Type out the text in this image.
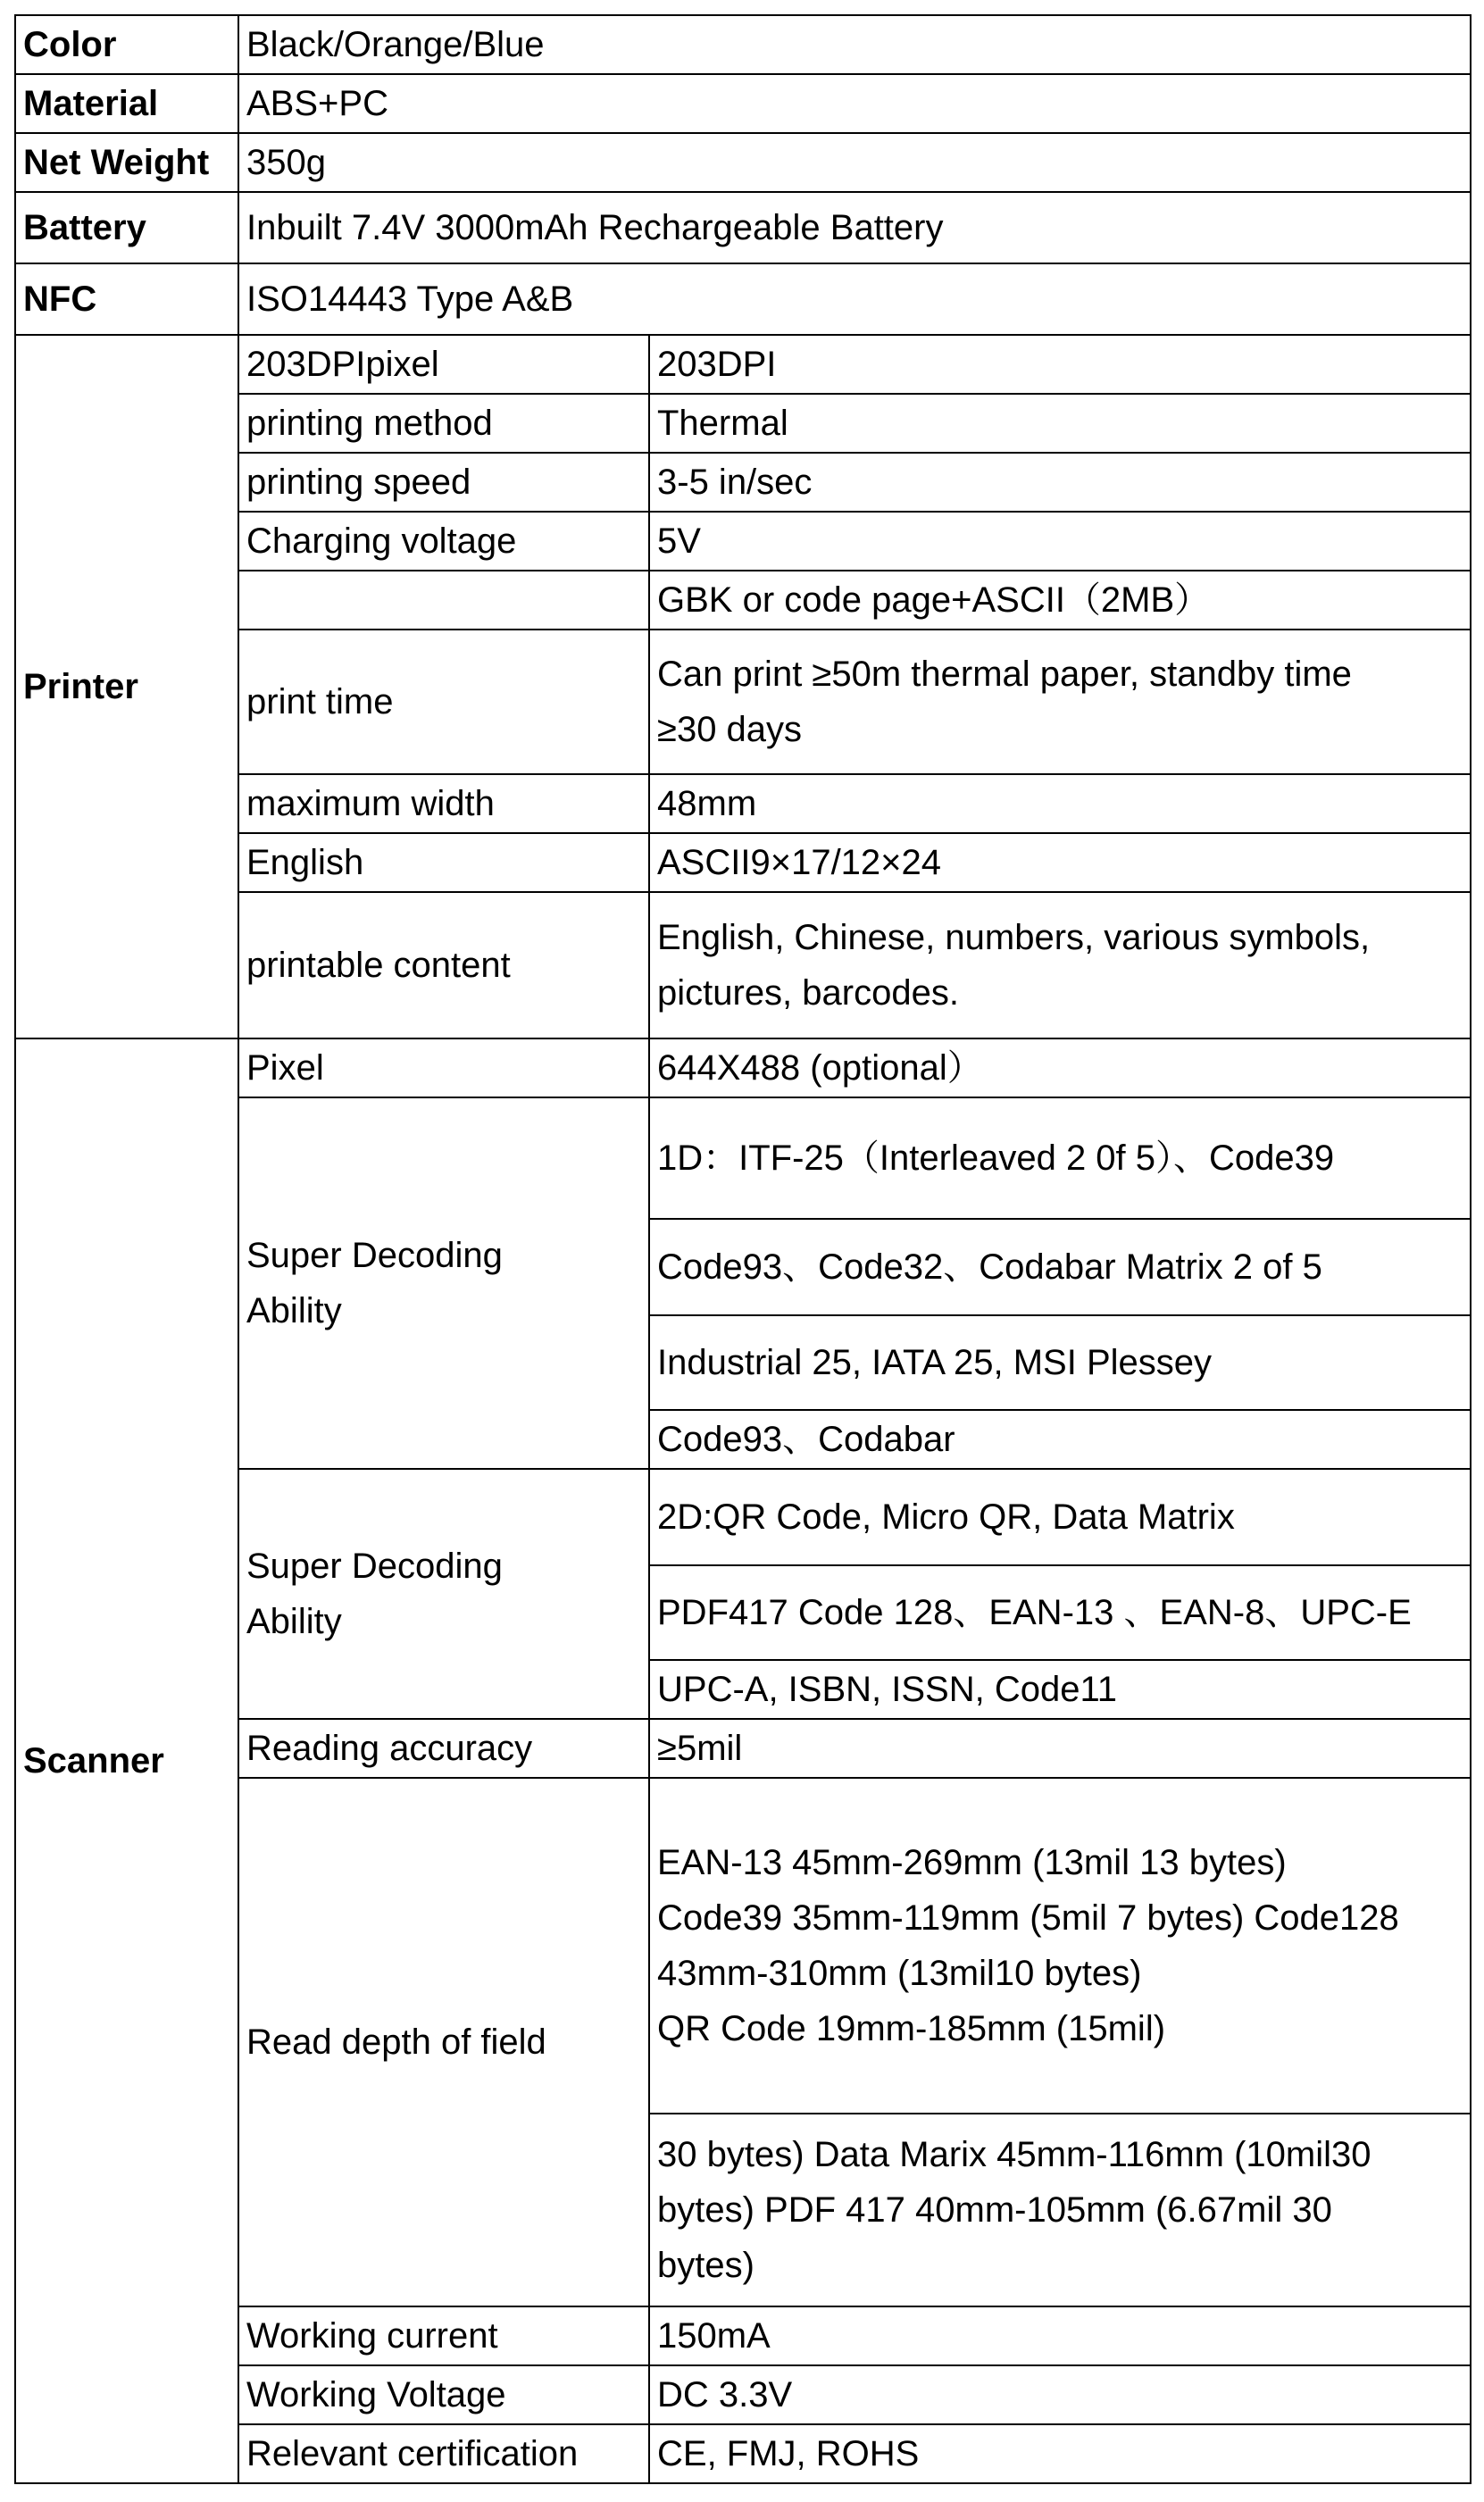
Color	Black/Orange/Blue	
Material	ABS+PC	
Net Weight	350g	
Battery	Inbuilt 7.4V 3000mAh Rechargeable Battery	
NFC	ISO14443 Type A&B	
Printer	203DPIpixel	203DPI
	printing method	Thermal
	printing speed	3-5 in/sec
	Charging voltage	5V
		GBK or code page+ASCII（2MB）
	print time	Can print ≥50m thermal paper, standby time
≥30 days
	maximum width	48mm
	English	ASCII9×17/12×24
	printable content	English, Chinese, numbers, various symbols,
pictures, barcodes.
Scanner	Pixel	644X488 (optional）
	Super Decoding
Ability	1D：ITF-25（Interleaved 2 0f 5）、Code39
		Code93、Code32、Codabar Matrix 2 of 5
		Industrial 25, IATA 25, MSI Plessey
		Code93、Codabar
	Super Decoding
Ability	2D:QR Code, Micro QR, Data Matrix
		PDF417 Code 128、EAN-13 、EAN-8、UPC-E
		UPC-A, ISBN, ISSN, Code11
	Reading accuracy	≥5mil
	Read depth of field	EAN-13 45mm-269mm (13mil 13 bytes)
Code39 35mm-119mm (5mil 7 bytes) Code128
43mm-310mm (13mil10 bytes)
QR Code 19mm-185mm (15mil)
		30 bytes) Data Marix 45mm-116mm (10mil30
bytes) PDF 417 40mm-105mm (6.67mil 30
bytes)
	Working current	150mA
	Working Voltage	DC 3.3V
	Relevant certification	CE, FMJ, ROHS
